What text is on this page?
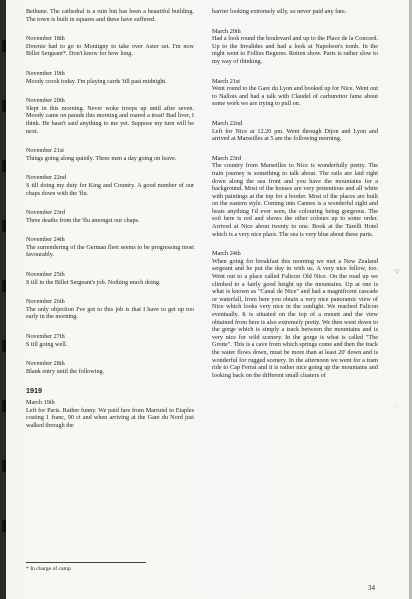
Bethune. The cathedral is a ruin but has been a beautiful building. The town is built in squares and these have suffered.
November 18th
Downie had to go to Montigny to take over Aster set. I'm now Billet Sergeant*. Don't know for how long.
November 19th
Moody crook today. I'm playing cards 'till past midnight.
November 20th
Slept in this morning. Never woke troops up until after seven. Moody came on parade this morning and roared a treat! Bad liver, I think. He hasn't said anything to me yet. Suppose my turn will be next.
November 21st
Things going along quietly. Three men a day going on leave.
November 22nd
S till doing my duty for King and Country. A good number of our chaps down with the 'flu.
November 23rd
Three deaths from the 'flu amongst our chaps.
November 24th
The surrendering of the German fleet seems to be progressing most favourably.
November 25th
S till in the Billet Sergeant's job. Nothing much doing.
November 26th
The only objection I've got to this job is that I have to get up too early in the morning.
November 27th
S till going well.
November 28th
Blank entry until the following.
1919
March 19th
Left for Paris. Rather funny. We paid fare from Marruiel to Etaples costing 1 franc, 90 ct and when arriving at the Gare du Nord just walked through the
barrier looking extremely silly, so never paid any fare.
March 20th
Had a look round the boulevard and up to the Place de la Concord. Up to the Invalides and had a look at Napoleon's tomb. In the night went to Follies Begeres. Rotten show. Paris is rather slow to my way of thinking.
March 21st
Went round to the Gare du Lyon and booked up for Nice. Went out to Nallois and had a talk with Claudel of carburettor fame about some work we are trying to pull on.
March 22nd
Left for Nice at 12.20 pm. Went through Dijon and Lyon and arrived at Marseilles at 5 am the following morning.
March 23rd
The country from Marseilles to Nice is wonderfully pretty. The train journey is something to talk about. The rails are laid right down along the sea front and you have the mountains for a background. Most of the houses are very pretentious and all white with paintings at the top for a border. Most of the places are built on the eastern style. Coming into Cannes is a wonderful sight and beats anything I'd ever seen, the colouring being gorgeous. The soil here is red and shows the other colours up to some order. Arrived at Nice about twenty to one. Book at the Tarelli Hotel which is a very nice place. The sea is very blue about these parts.
March 24th
When going for breakfast this morning we met a New Zealand sergeant and he put the day in with us. A very nice fellow, too. Went out to a place called Falicon Old Nice. On the road up we climbed to a fairly good height up the mountains. Up at one is what is known as "Canal de Nice" and had a magnificent cascade or waterfall, from here you obtain a very nice panoramic view of Nice which looks very nice in the sunlight. We reached Falicon eventually. It is situated on the top of a mount and the view obtained from here is also extremely pretty. We then went down to the gorge which is simply a track between the mountains and is very nice for wild scenery. In the gorge is what is called "The Grotte". This is a cave from which springs come and then the track the water flows down, must be more than at least 20' down and is wonderful for rugged scenery. In the afternoon we went for a tram ride to Cap Ferrat and it is rather nice going up the mountains and looking back on the different small clusters of
* In charge of camp
34
·¡·
·
